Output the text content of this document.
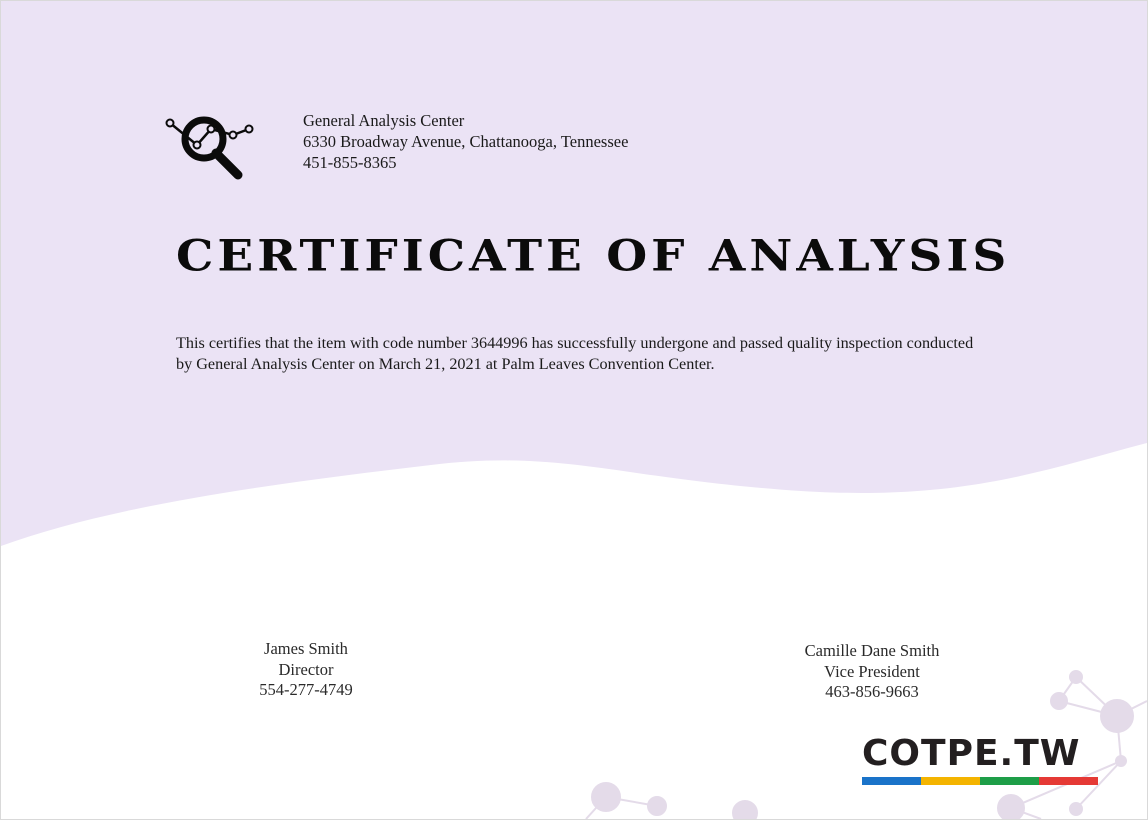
General Analysis Center
6330 Broadway Avenue, Chattanooga, Tennessee
451-855-8365
CERTIFICATE OF ANALYSIS

This certifies that the item with code number 3644996 has successfully undergone and passed quality inspection conducted by General Analysis Center on March 21, 2021 at Palm Leaves Convention Center.

James Smith
Director
554-277-4749
Camille Dane Smith
Vice President
463-856-9663
COTPE.TW
